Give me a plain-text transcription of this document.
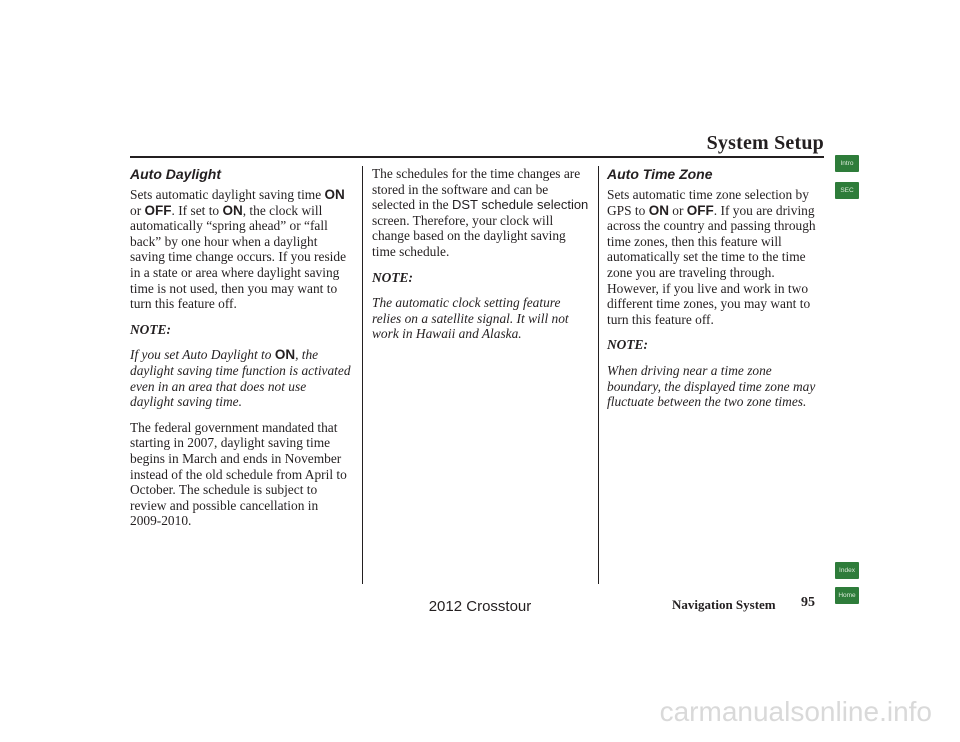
System Setup
Auto Daylight

Sets automatic daylight saving time ON or OFF. If set to ON, the clock will automatically “spring ahead” or “fall back” by one hour when a daylight saving time change occurs. If you reside in a state or area where daylight saving time is not used, then you may want to turn this feature off.

NOTE:

If you set Auto Daylight to ON, the daylight saving time function is activated even in an area that does not use daylight saving time.

The federal government mandated that starting in 2007, daylight saving time begins in March and ends in November instead of the old schedule from April to October. The schedule is subject to review and possible cancellation in 2009-2010.

The schedules for the time changes are stored in the software and can be selected in the DST schedule selection screen. Therefore, your clock will change based on the daylight saving time schedule.

NOTE:

The automatic clock setting feature relies on a satellite signal. It will not work in Hawaii and Alaska.

Auto Time Zone

Sets automatic time zone selection by GPS to ON or OFF. If you are driving across the country and passing through time zones, then this feature will automatically set the time to the time zone you are traveling through. However, if you live and work in two different time zones, you may want to turn this feature off.

NOTE:

When driving near a time zone boundary, the displayed time zone may fluctuate between the two zone times.

Intro
SEC
Index
Home
Navigation System 95
2012 Crosstour
carmanualsonline.info
